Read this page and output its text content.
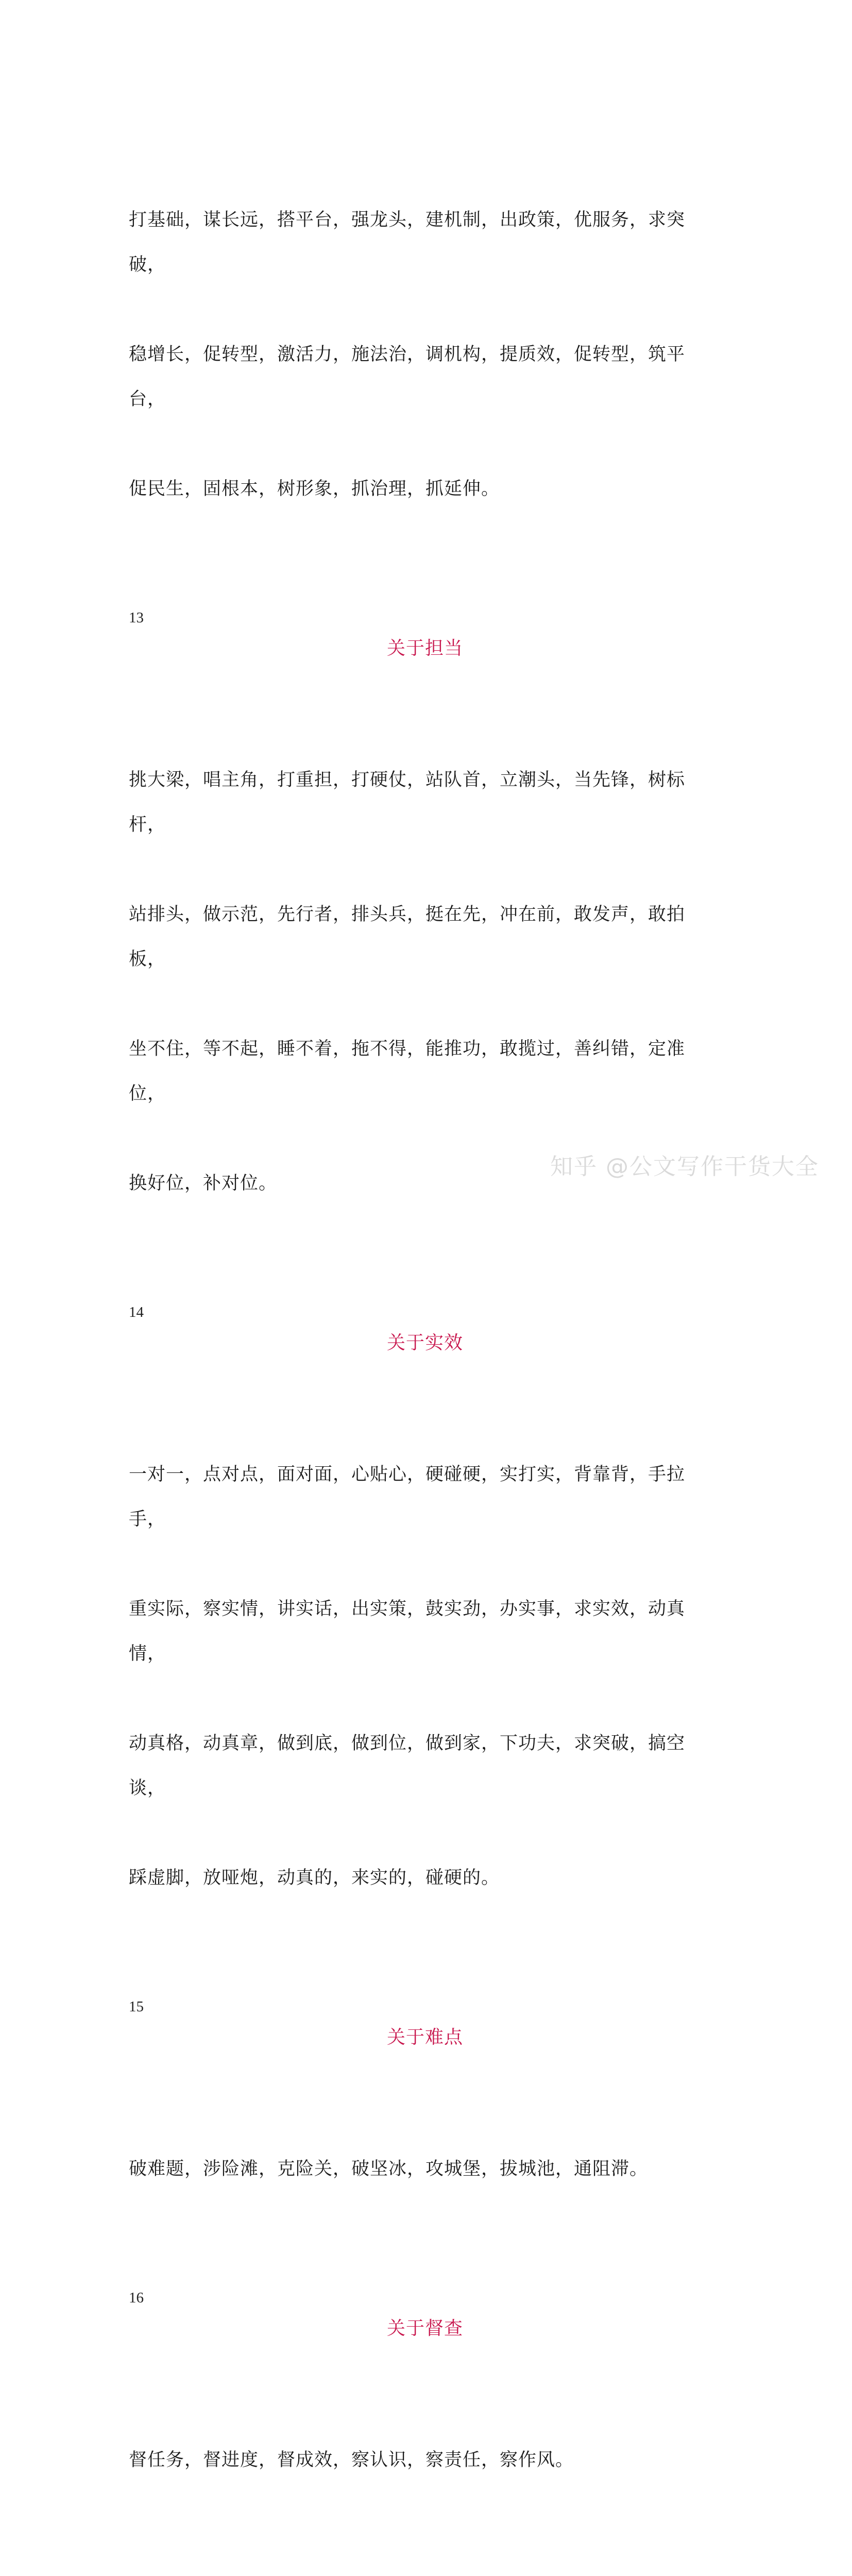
打基础，谋长远，搭平台，强龙头，建机制，出政策，优服务，求突破，

稳增长，促转型，激活力，施法治，调机构，提质效，促转型，筑平台，

促民生，固根本，树形象，抓治理，抓延伸。

13
关于担当

挑大梁，唱主角，打重担，打硬仗，站队首，立潮头，当先锋，树标杆，

站排头，做示范，先行者，排头兵，挺在先，冲在前，敢发声，敢拍板，

坐不住，等不起，睡不着，拖不得，能推功，敢揽过，善纠错，定准位，

换好位，补对位。

14
关于实效

一对一，点对点，面对面，心贴心，硬碰硬，实打实，背靠背，手拉手，

重实际，察实情，讲实话，出实策，鼓实劲，办实事，求实效，动真情，

动真格，动真章，做到底，做到位，做到家，下功夫，求突破，搞空谈，

踩虚脚，放哑炮，动真的，来实的，碰硬的。

15
关于难点

破难题，涉险滩，克险关，破坚冰，攻城堡，拔城池，通阻滞。

16
关于督查

督任务，督进度，督成效，察认识，察责任，察作风。

知乎 @公文写作干货大全
